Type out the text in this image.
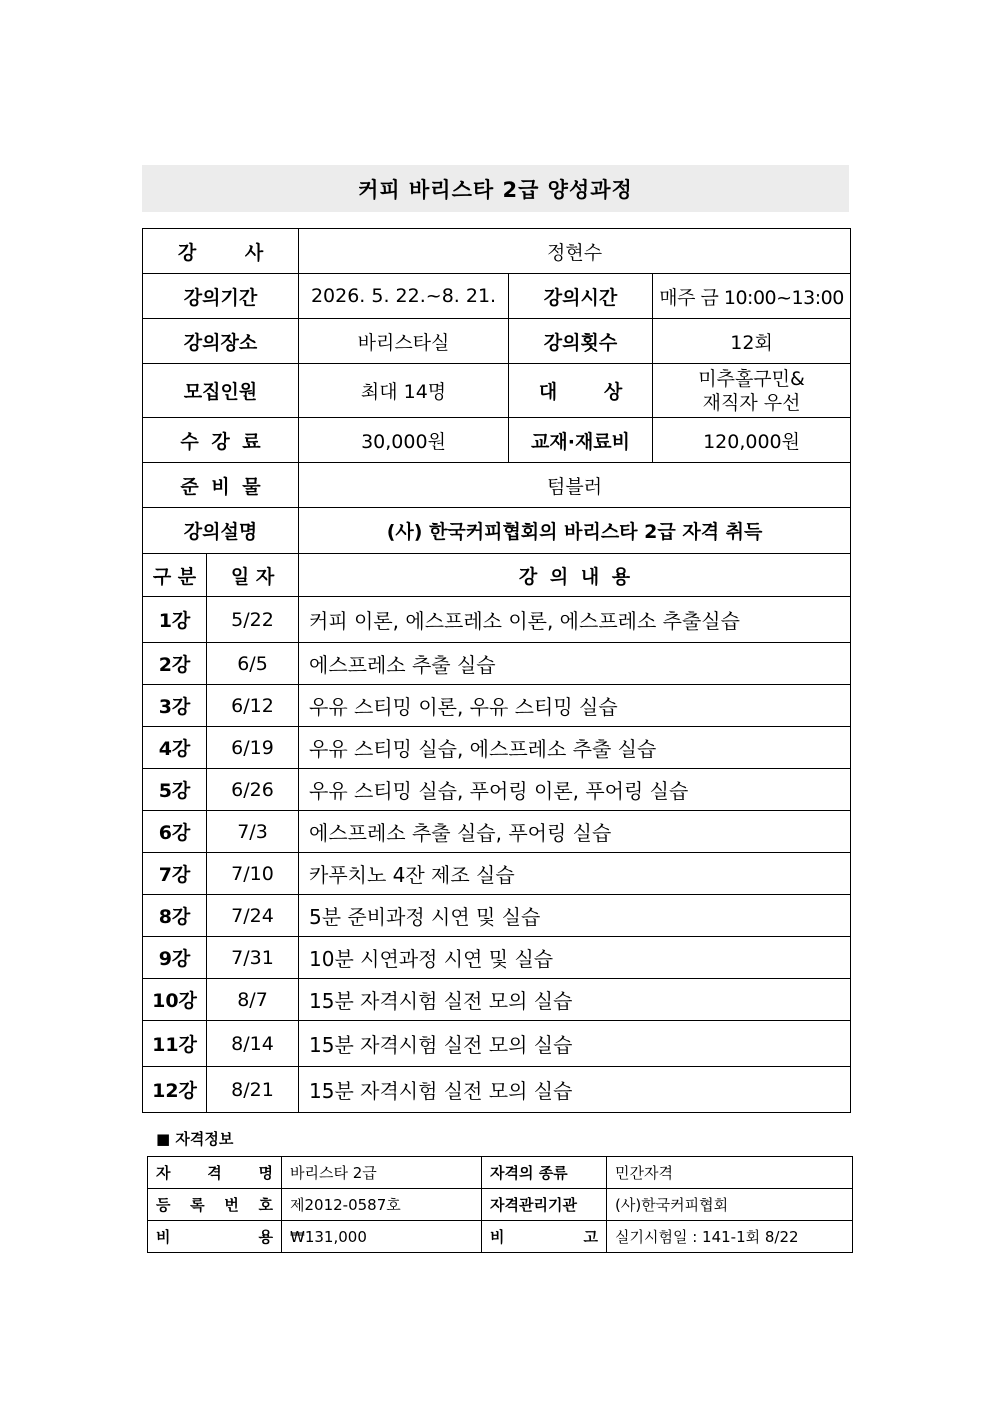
커피 바리스타 2급 양성과정
강 사		정현수		
강의기간		2026. 5. 22.~8. 21.	강의시간	매주 금 10:00~13:00
강의장소		바리스타실	강의횟수	12회
모집인원		최대 14명	대 상	미추홀구민& 재직자 우선
수 강 료		30,000원	교재·재료비	120,000원
준 비 물		텀블러		
강의설명		(사) 한국커피협회의 바리스타 2급 자격 취득		
구 분	일 자	강 의 내 용		
1강	5/22	커피 이론, 에스프레소 이론, 에스프레소 추출실습		
2강	6/5	에스프레소 추출 실습		
3강	6/12	우유 스티밍 이론, 우유 스티밍 실습		
4강	6/19	우유 스티밍 실습, 에스프레소 추출 실습		
5강	6/26	우유 스티밍 실습, 푸어링 이론, 푸어링 실습		
6강	7/3	에스프레소 추출 실습, 푸어링 실습		
7강	7/10	카푸치노 4잔 제조 실습		
8강	7/24	5분 준비과정 시연 및 실습		
9강	7/31	10분 시연과정 시연 및 실습		
10강	8/7	15분 자격시험 실전 모의 실습		
11강	8/14	15분 자격시험 실전 모의 실습		
12강	8/21	15분 자격시험 실전 모의 실습		
■ 자격정보
자 격 명	바리스타 2급	자격의 종류	민간자격

등 록 번 호	제2012-0587호	자격관리기관	(사)한국커피협회

비 용	₩131,000	비 고	실기시험일 : 141-1회 8/22
